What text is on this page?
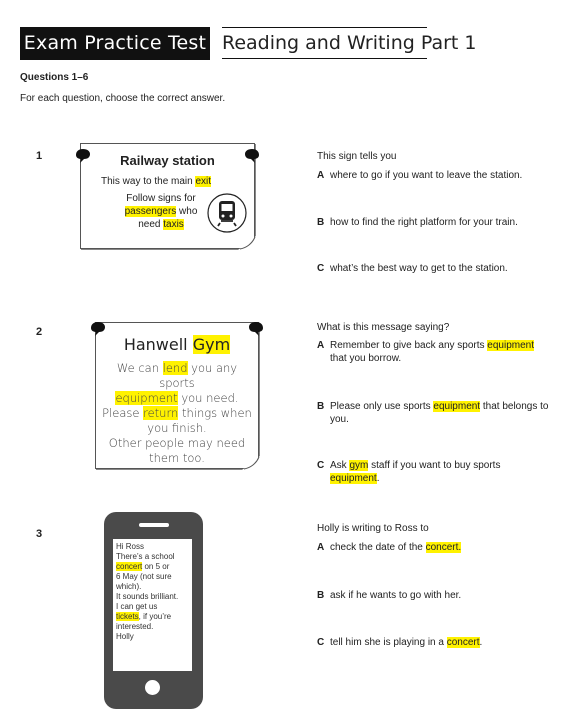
Exam Practice Test 2
Reading and Writing Part 1
Questions 1–6
For each question, choose the correct answer.
1	Railway station
This way to the main exit
Follow signs for
passengers who
need taxis
This sign tells you
A where to go if you want to leave the station.
B how to find the right platform for your train.
C what’s the best way to get to the station.
2
Hanwell Gym
We can lend you any sports
equipment you need.
Please return things when
you finish.
Other people may need
them too.
What is this message saying?
A Remember to give back any sports equipment
that you borrow.
B Please only use sports equipment that belongs to you.
C Ask gym staff if you want to buy sports
equipment.
3
Hi Ross
There’s a school
concert on 5 or
6 May (not sure
which).
It sounds brilliant.
I can get us
tickets, if you’re
interested.
Holly
Holly is writing to Ross to
A check the date of the concert.
B ask if he wants to go with her.
C tell him she is playing in a concert.
